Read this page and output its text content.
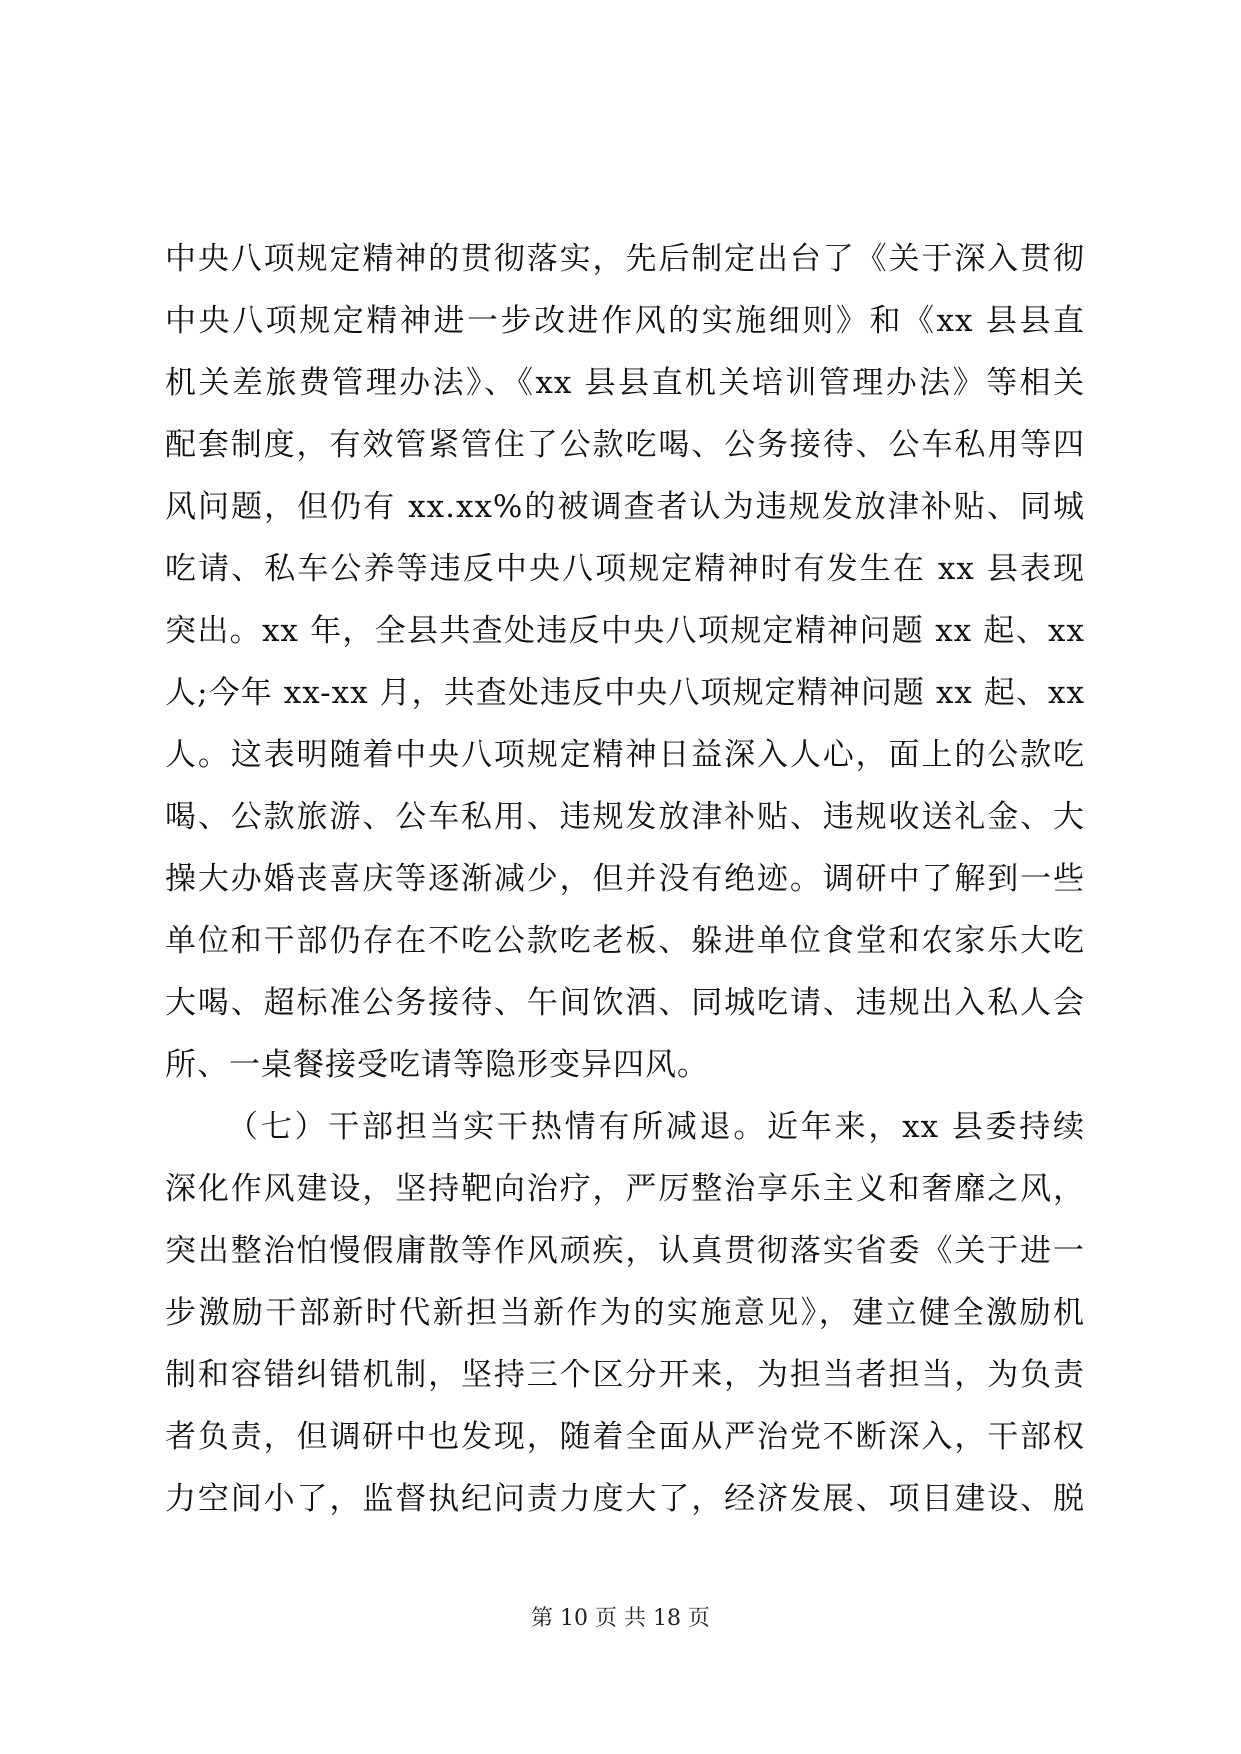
中央八项规定精神的贯彻落实，先后制定出台了《关于深入贯彻
中央八项规定精神进一步改进作风的实施细则》和《xx 县县直
机关差旅费管理办法》、《xx 县县直机关培训管理办法》等相关
配套制度，有效管紧管住了公款吃喝、公务接待、公车私用等四
风问题，但仍有 xx.xx%的被调查者认为违规发放津补贴、同城
吃请、私车公养等违反中央八项规定精神时有发生在 xx 县表现
突出。xx 年，全县共查处违反中央八项规定精神问题 xx 起、xx
人;今年 xx-xx 月，共查处违反中央八项规定精神问题 xx 起、xx
人。这表明随着中央八项规定精神日益深入人心，面上的公款吃
喝、公款旅游、公车私用、违规发放津补贴、违规收送礼金、大
操大办婚丧喜庆等逐渐减少，但并没有绝迹。调研中了解到一些
单位和干部仍存在不吃公款吃老板、躲进单位食堂和农家乐大吃
大喝、超标准公务接待、午间饮酒、同城吃请、违规出入私人会
所、一桌餐接受吃请等隐形变异四风。
（七）干部担当实干热情有所减退。近年来，xx 县委持续
深化作风建设，坚持靶向治疗，严厉整治享乐主义和奢靡之风，
突出整治怕慢假庸散等作风顽疾，认真贯彻落实省委《关于进一
步激励干部新时代新担当新作为的实施意见》，建立健全激励机
制和容错纠错机制，坚持三个区分开来，为担当者担当，为负责
者负责，但调研中也发现，随着全面从严治党不断深入，干部权
力空间小了，监督执纪问责力度大了，经济发展、项目建设、脱
第 10 页 共 18 页
